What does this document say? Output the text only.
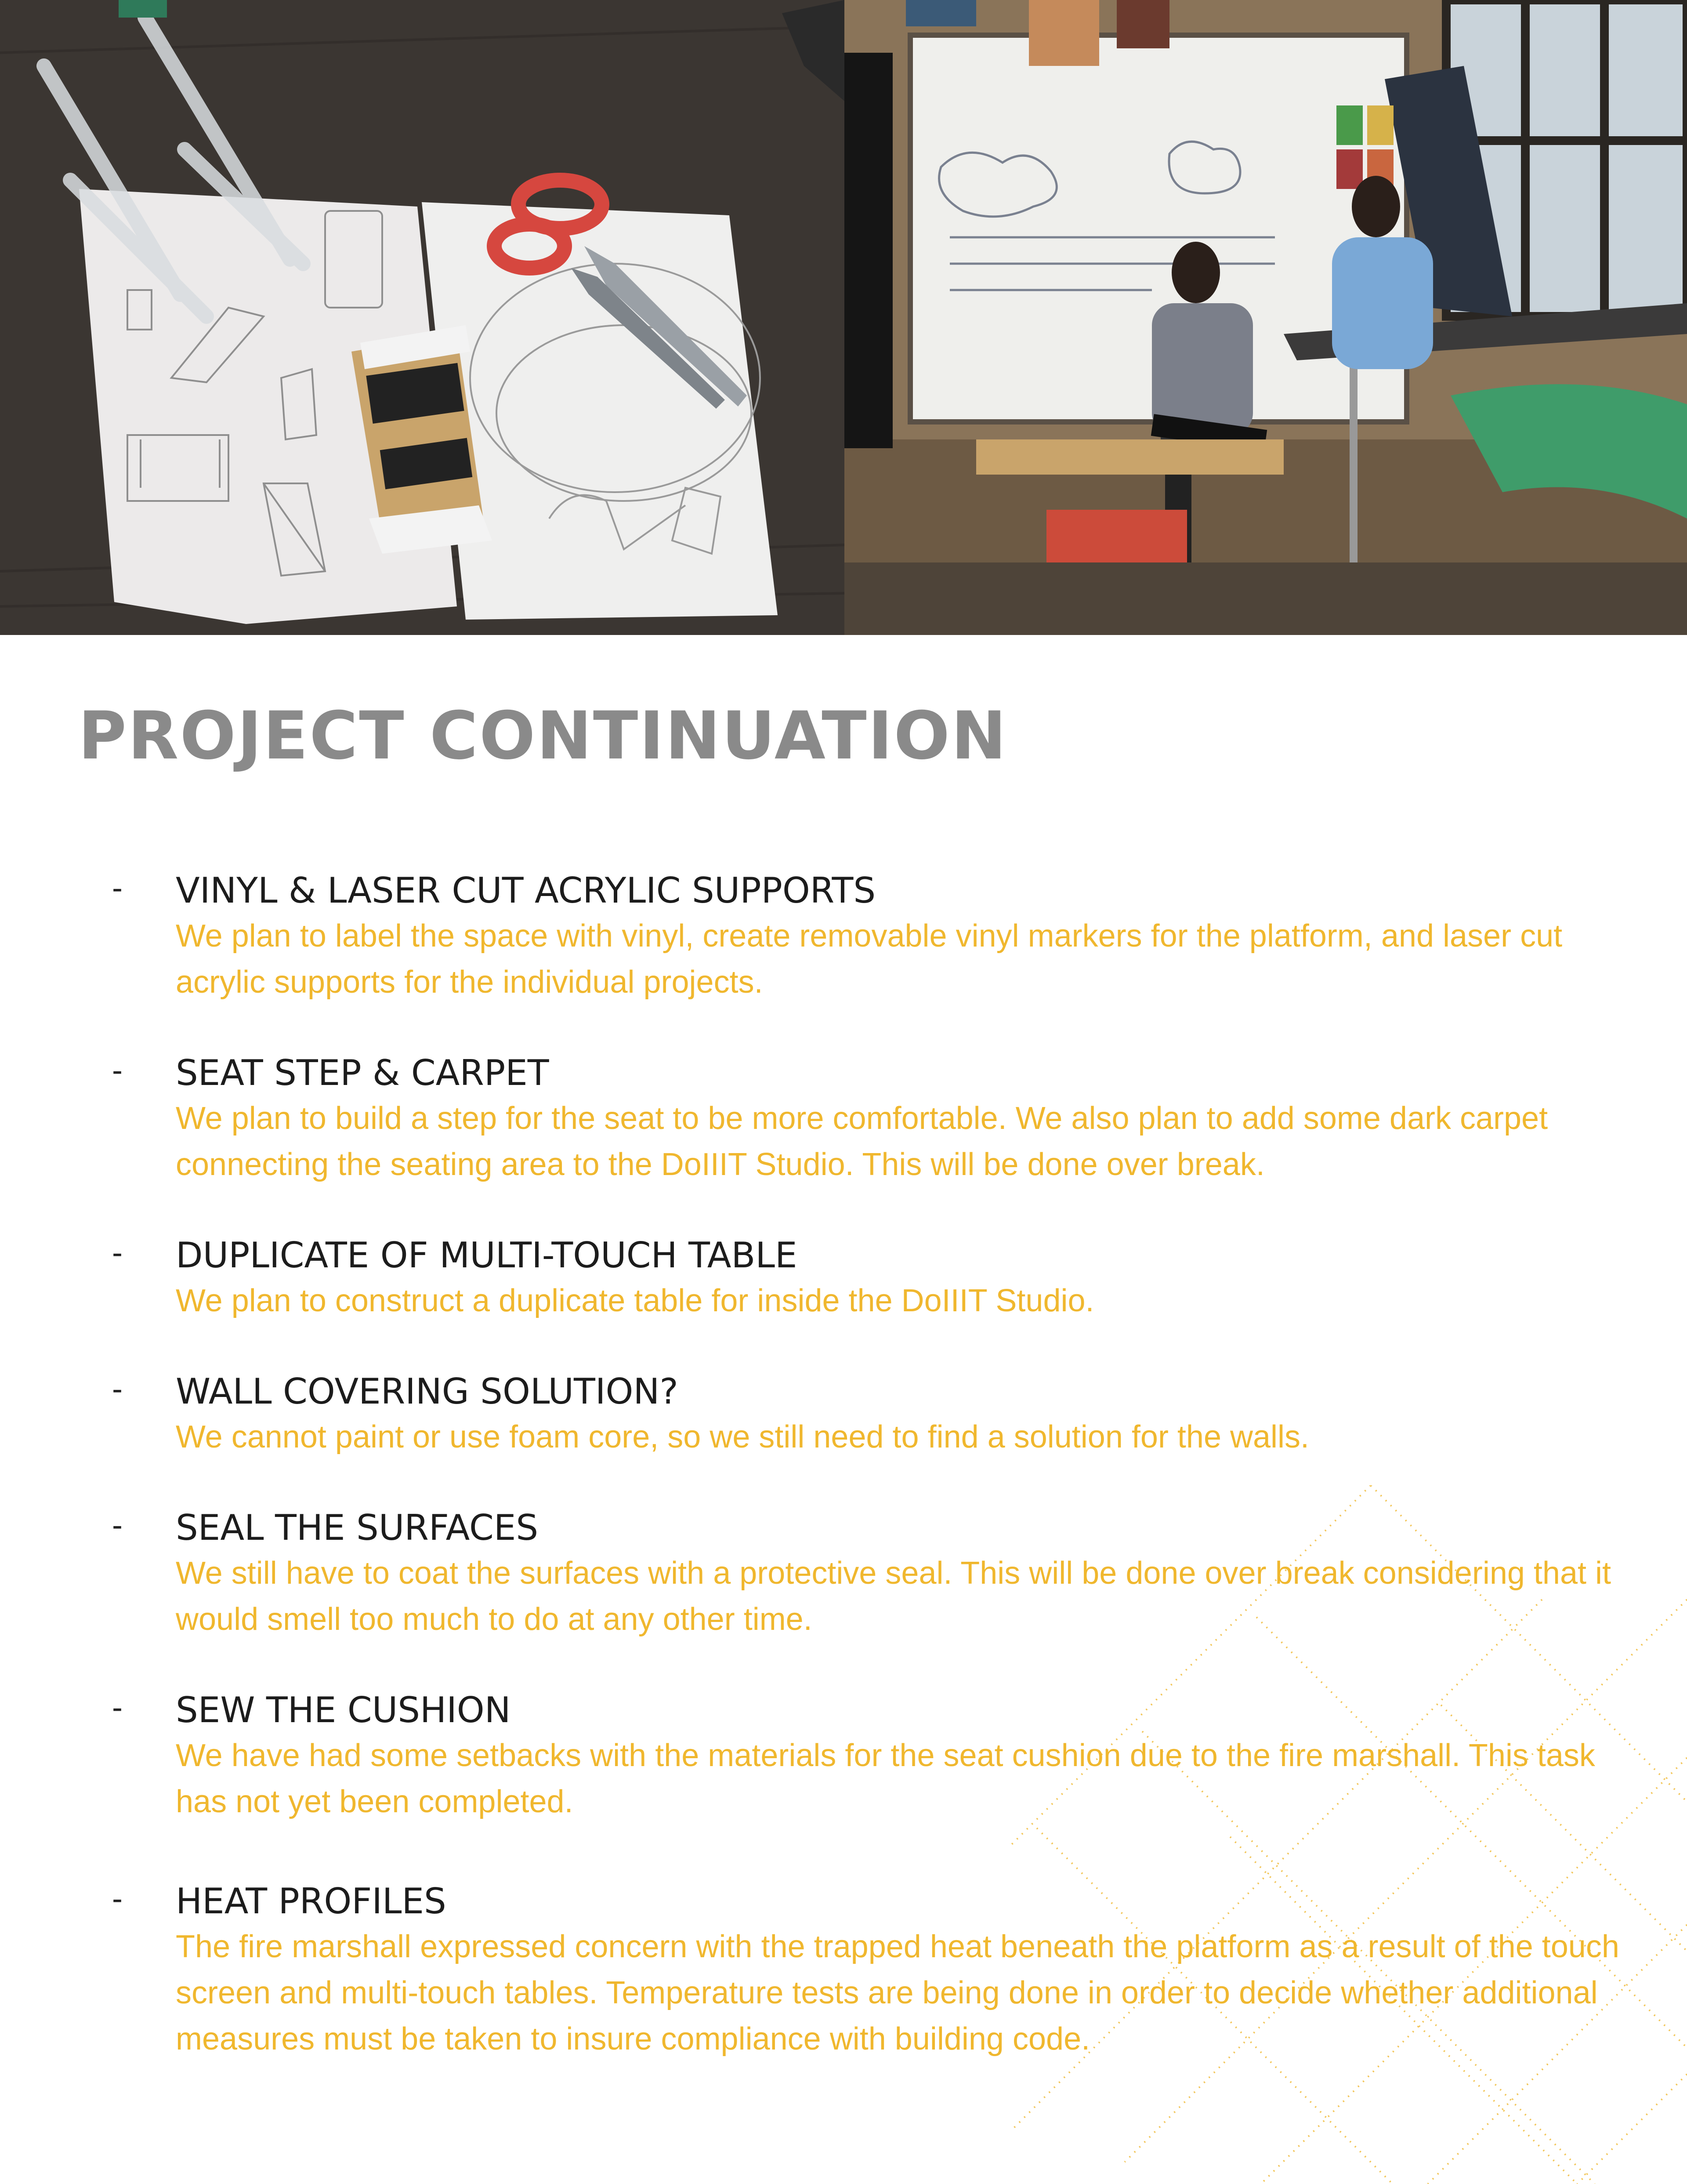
PROJECT CONTINUATION
- VINYL & LASER CUT ACRYLIC SUPPORTS

We plan to label the space with vinyl, create removable vinyl markers for the platform, and laser cut acrylic supports for the individual projects.

- SEAT STEP & CARPET

We plan to build a step for the seat to be more comfortable. We also plan to add some dark carpet connecting the seating area to the DoIIIT Studio. This will be done over break.

- DUPLICATE OF MULTI-TOUCH TABLE

We plan to construct a duplicate table for inside the DoIIIT Studio.

- WALL COVERING SOLUTION?

We cannot paint or use foam core, so we still need to find a solution for the walls.

- SEAL THE SURFACES

We still have to coat the surfaces with a protective seal. This will be done over break considering that it would smell too much to do at any other time.

- SEW THE CUSHION

We have had some setbacks with the materials for the seat cushion due to the fire marshall. This task has not yet been completed.

- HEAT PROFILES

The fire marshall expressed concern with the trapped heat beneath the platform as a result of the touch screen and multi-touch tables. Temperature tests are being done in order to decide whether additional measures must be taken to insure compliance with building code.
